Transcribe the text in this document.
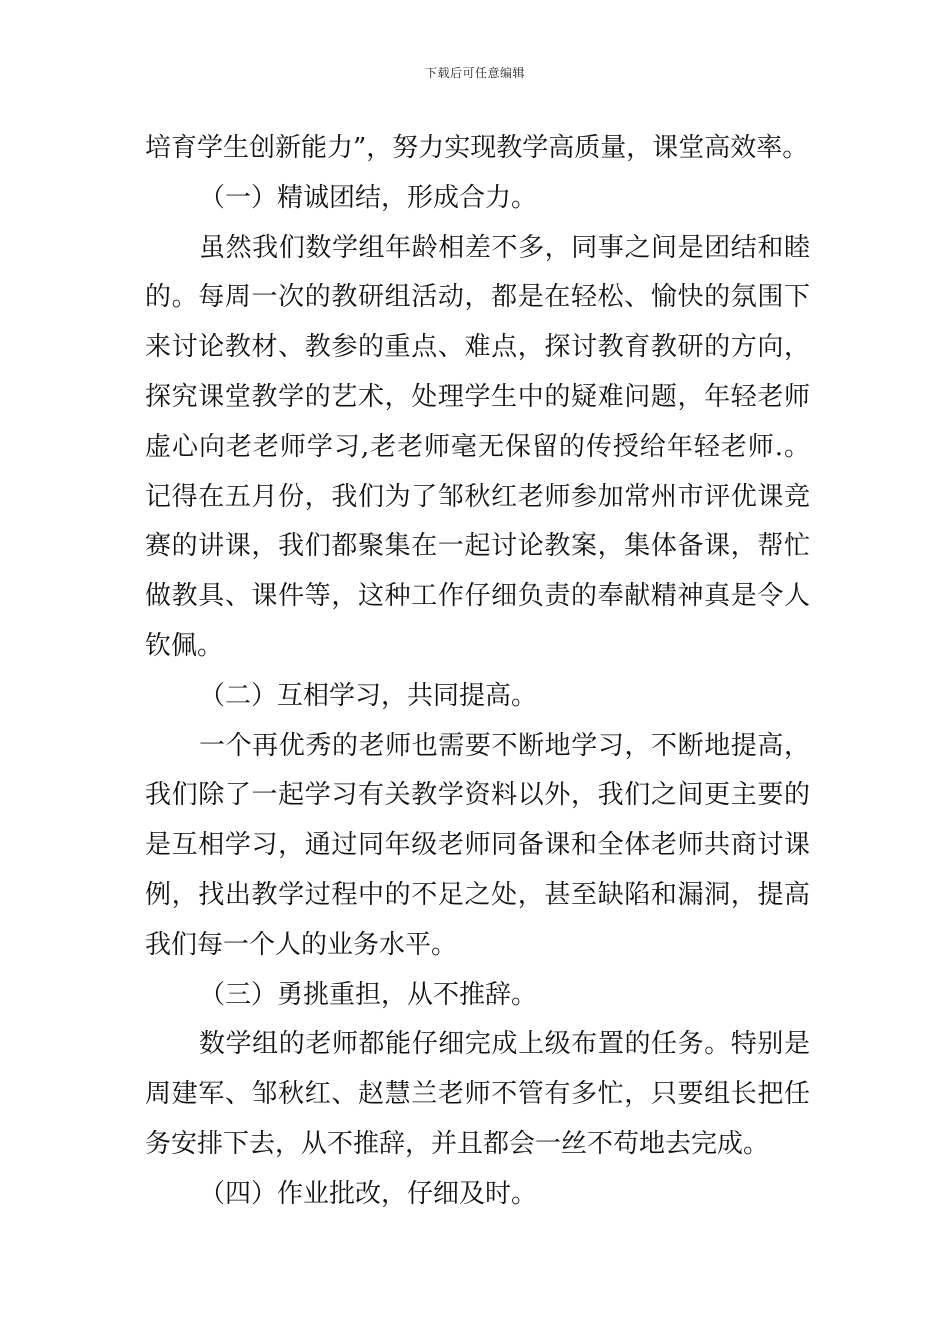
下载后可任意编辑

培育学生创新能力”，努力实现教学高质量，课堂高效率。

（一）精诚团结，形成合力。

虽然我们数学组年龄相差不多，同事之间是团结和睦的。每周一次的教研组活动，都是在轻松、愉快的氛围下来讨论教材、教参的重点、难点，探讨教育教研的方向，探究课堂教学的艺术，处理学生中的疑难问题，年轻老师虚心向老老师学习,老老师毫无保留的传授给年轻老师.。记得在五月份，我们为了邹秋红老师参加常州市评优课竞赛的讲课，我们都聚集在一起讨论教案，集体备课，帮忙做教具、课件等，这种工作仔细负责的奉献精神真是令人钦佩。

（二）互相学习，共同提高。

一个再优秀的老师也需要不断地学习，不断地提高，我们除了一起学习有关教学资料以外，我们之间更主要的是互相学习，通过同年级老师同备课和全体老师共商讨课例，找出教学过程中的不足之处，甚至缺陷和漏洞，提高我们每一个人的业务水平。

（三）勇挑重担，从不推辞。

数学组的老师都能仔细完成上级布置的任务。特别是周建军、邹秋红、赵慧兰老师不管有多忙，只要组长把任务安排下去，从不推辞，并且都会一丝不苟地去完成。

（四）作业批改，仔细及时。
